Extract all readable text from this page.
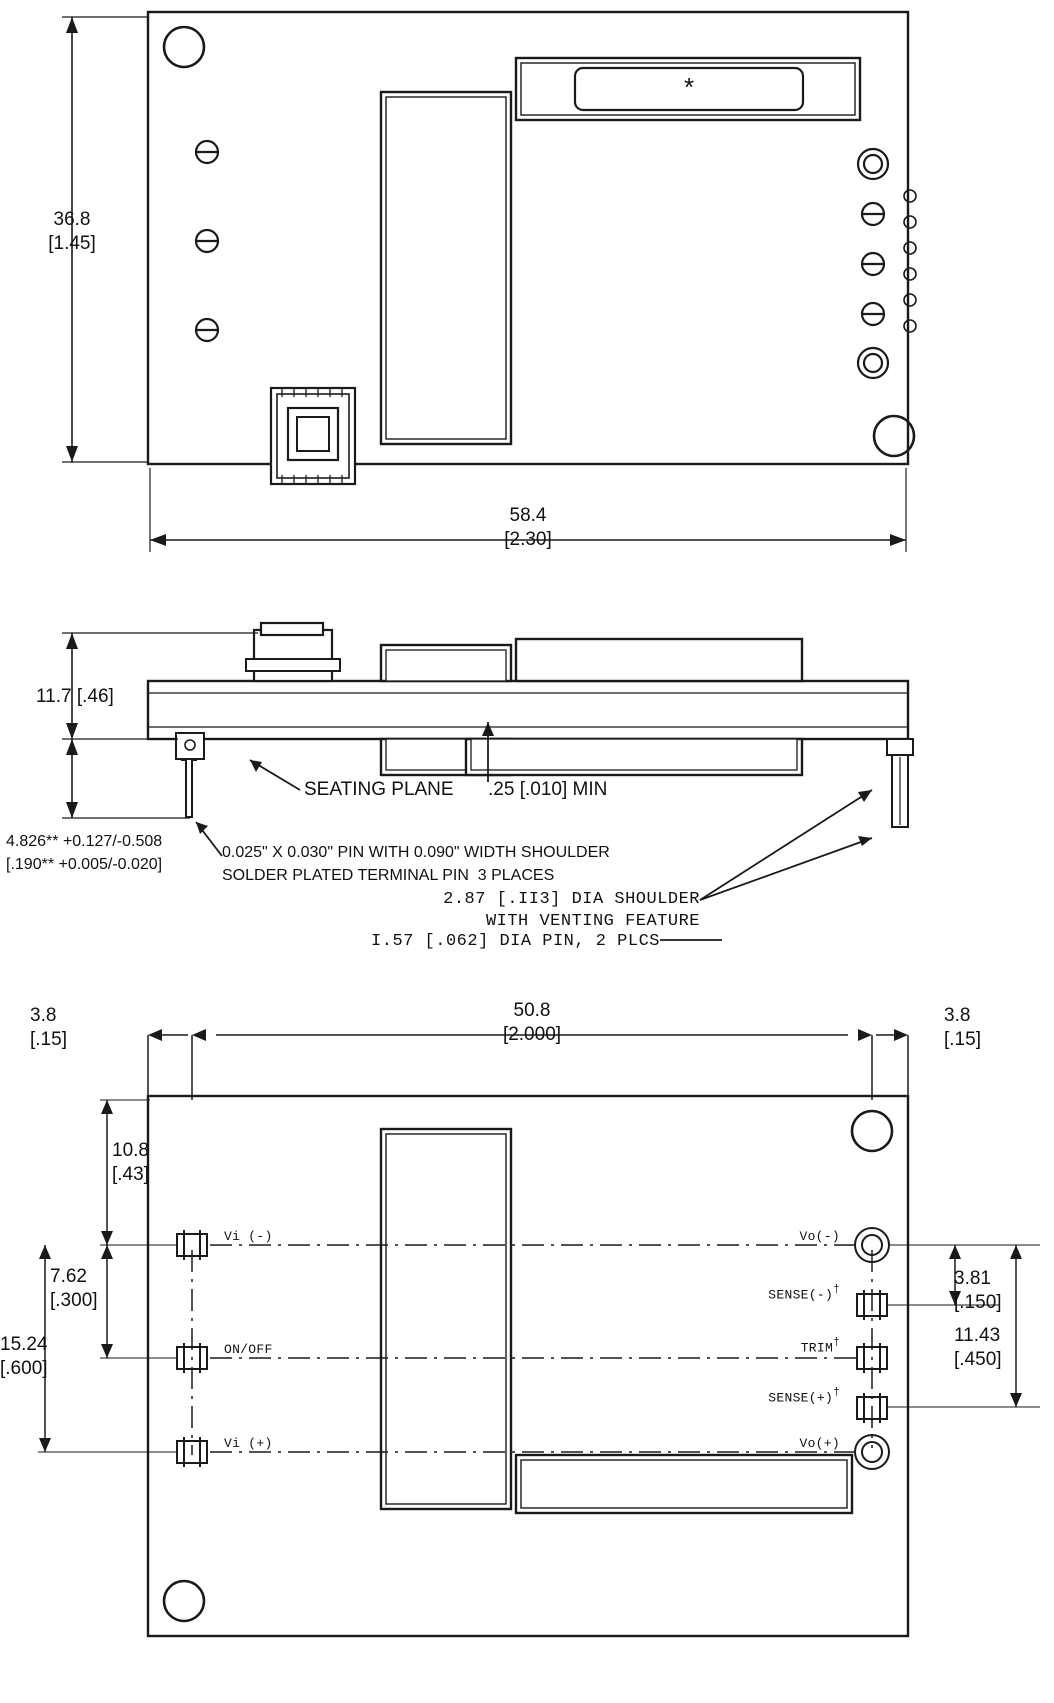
36.8
[1.45]
58.4
[2.30]
*
11.7 [.46]
4.826** +0.127/-0.508
[.190** +0.005/-0.020]
SEATING PLANE .25 [.010] MIN
0.025" X 0.030" PIN WITH 0.090" WIDTH SHOULDER
SOLDER PLATED TERMINAL PIN  3 PLACES
2.87 [.II3] DIA SHOULDER
WITH VENTING FEATURE
I.57 [.062] DIA PIN, 2 PLCS
3.8
[.15]
3.8
[.15]
50.8
[2.000]
10.8
[.43]
7.62
[.300]
15.24
[.600]
3.81
[.150]
11.43
[.450]
Vi (-)
ON/OFF
Vi (+)
Vo(-)
SENSE(-)†
TRIM†
SENSE(+)†
Vo(+)
